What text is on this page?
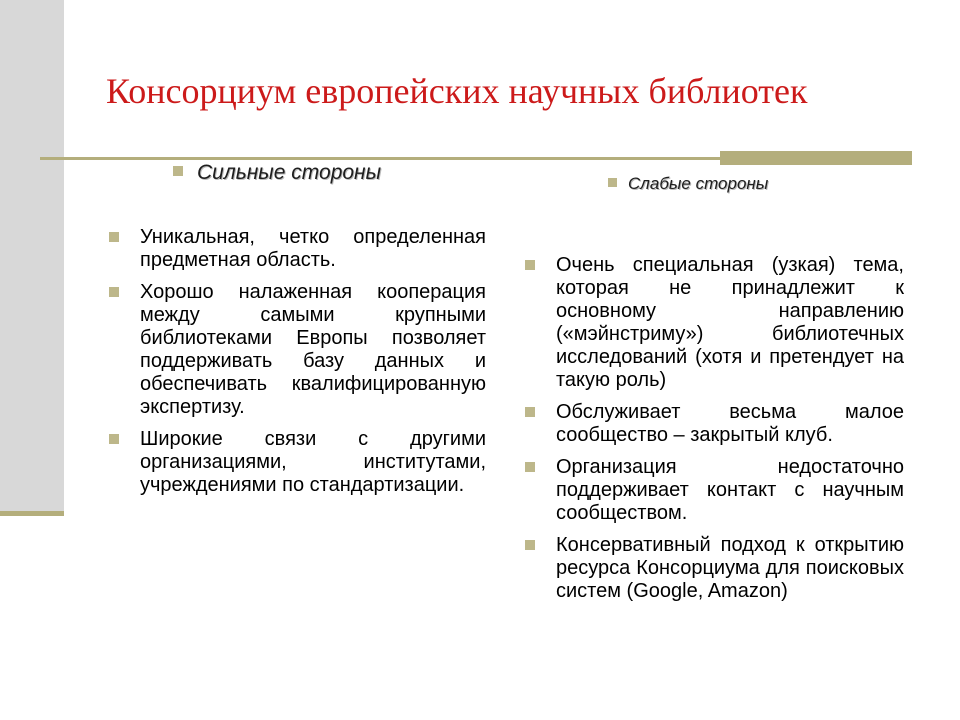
Консорциум европейских научных библиотек
Сильные стороны	Слабые стороны
Уникальная, четко определенная предметная область.
Хорошо налаженная кооперация между самыми крупными библиотеками Европы позволяет поддерживать базу данных и обеспечивать квалифицированную экспертизу.
Широкие связи с другими организациями, институтами, учреждениями по стандартизации.
Очень специальная (узкая) тема, которая не принадлежит к основному направлению («мэйнстриму») библиотечных исследований (хотя и претендует на такую роль)
Обслуживает весьма малое сообщество – закрытый клуб.
Организация недостаточно поддерживает контакт с научным сообществом.
Консервативный подход к открытию ресурса Консорциума для поисковых систем (Google, Amazon)
